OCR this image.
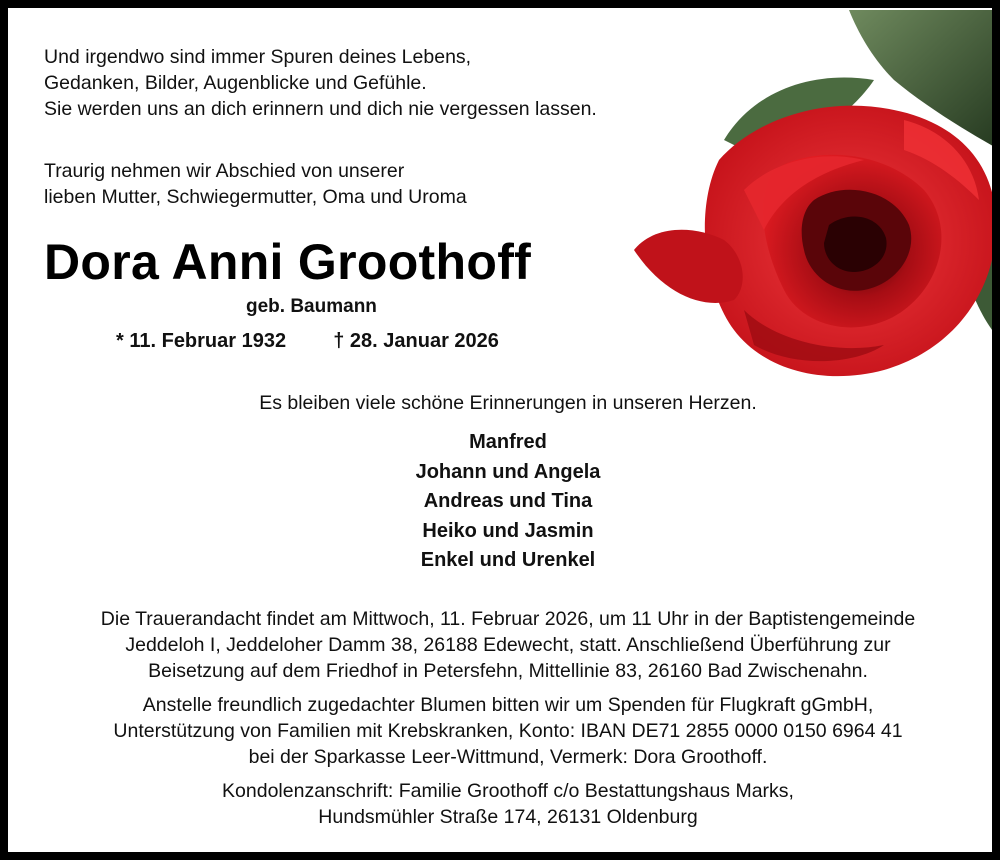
Und irgendwo sind immer Spuren deines Lebens,
Gedanken, Bilder, Augenblicke und Gefühle.
Sie werden uns an dich erinnern und dich nie vergessen lassen.
Traurig nehmen wir Abschied von unserer
lieben Mutter, Schwiegermutter, Oma und Uroma
Dora Anni Groothoff
geb. Baumann
* 11. Februar 1932 † 28. Januar 2026
Es bleiben viele schöne Erinnerungen in unseren Herzen.
Manfred
Johann und Angela
Andreas und Tina
Heiko und Jasmin
Enkel und Urenkel
Die Trauerandacht findet am Mittwoch, 11. Februar 2026, um 11 Uhr in der Baptistengemeinde
Jeddeloh I, Jeddeloher Damm 38, 26188 Edewecht, statt. Anschließend Überführung zur
Beisetzung auf dem Friedhof in Petersfehn, Mittellinie 83, 26160 Bad Zwischenahn.
Anstelle freundlich zugedachter Blumen bitten wir um Spenden für Flugkraft gGmbH,
Unterstützung von Familien mit Krebskranken, Konto: IBAN DE71 2855 0000 0150 6964 41
bei der Sparkasse Leer-Wittmund, Vermerk: Dora Groothoff.
Kondolenzanschrift: Familie Groothoff c/o Bestattungshaus Marks,
Hundsmühler Straße 174, 26131 Oldenburg
